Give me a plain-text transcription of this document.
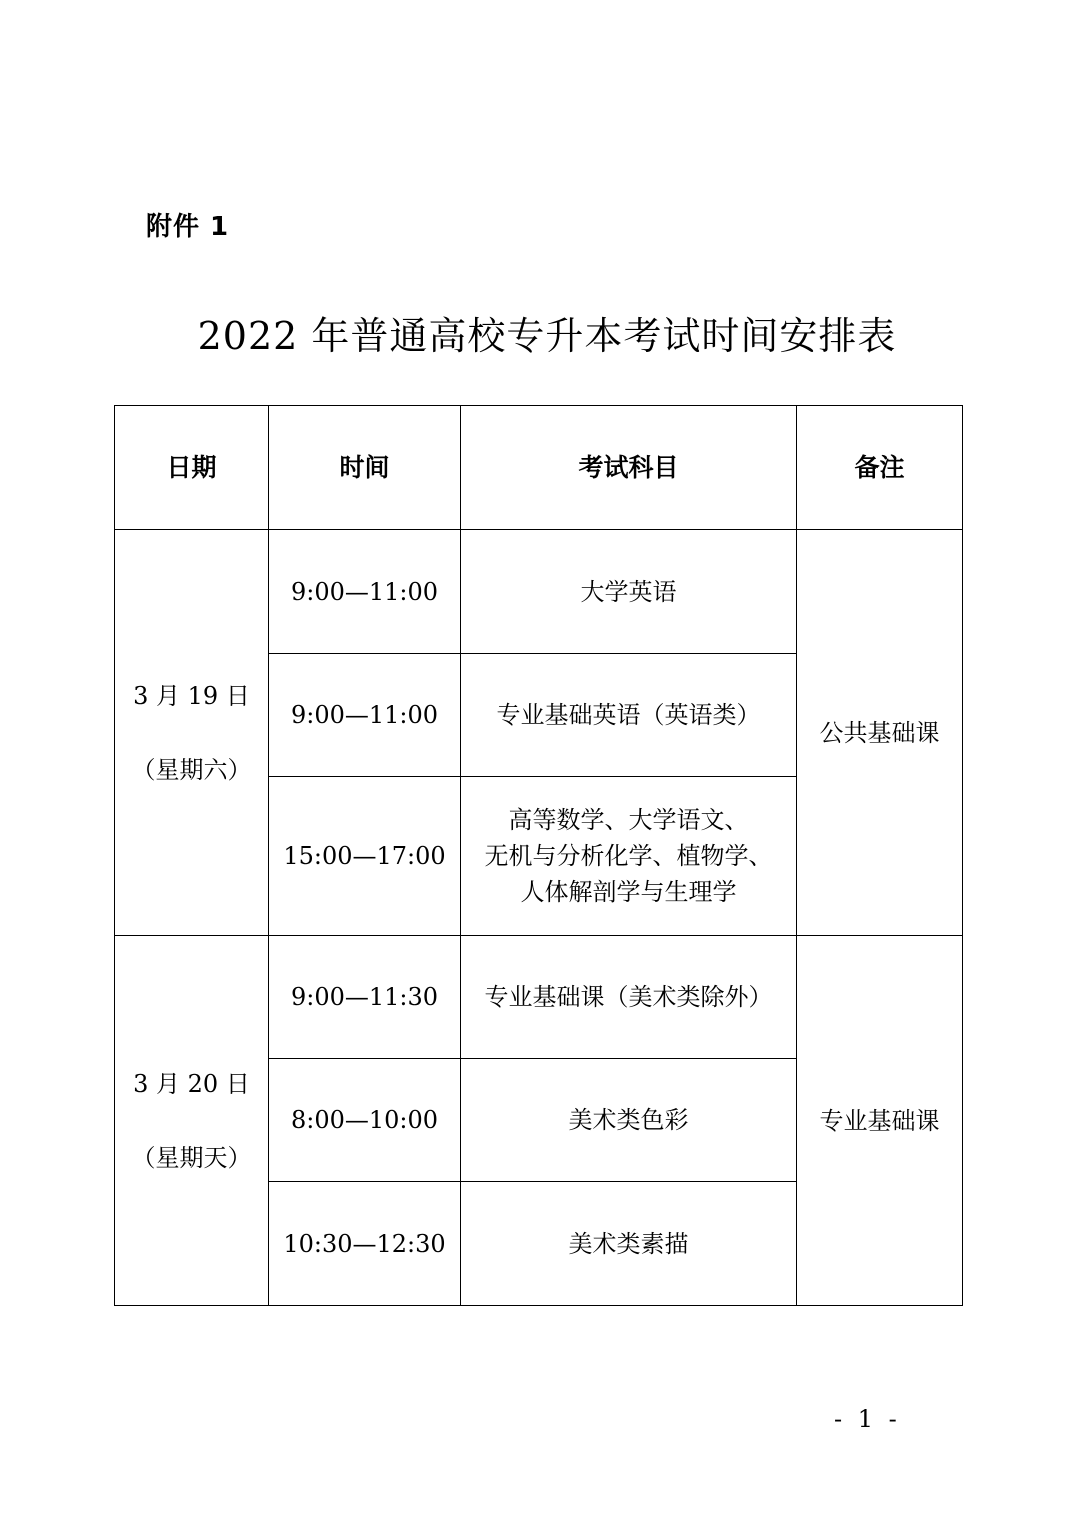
附件 1
2022 年普通高校专升本考试时间安排表
日期	时间	考试科目	备注

3 月 19 日
（星期六）	9:00—11:00	大学英语	公共基础课
	9:00—11:00	专业基础英语（英语类）	
	15:00—17:00	高等数学、大学语文、
无机与分析化学、植物学、
人体解剖学与生理学	

3 月 20 日
（星期天）	9:00—11:30	专业基础课（美术类除外）	专业基础课
	8:00—10:00	美术类色彩	
	10:30—12:30	美术类素描	
- 1 -
